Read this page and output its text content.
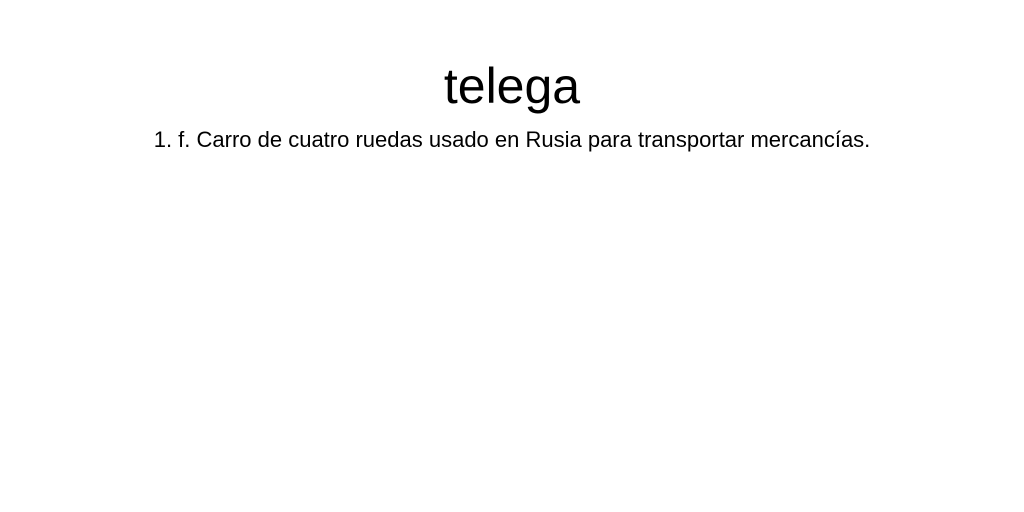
telega

1. f. Carro de cuatro ruedas usado en Rusia para transportar mercancías.
